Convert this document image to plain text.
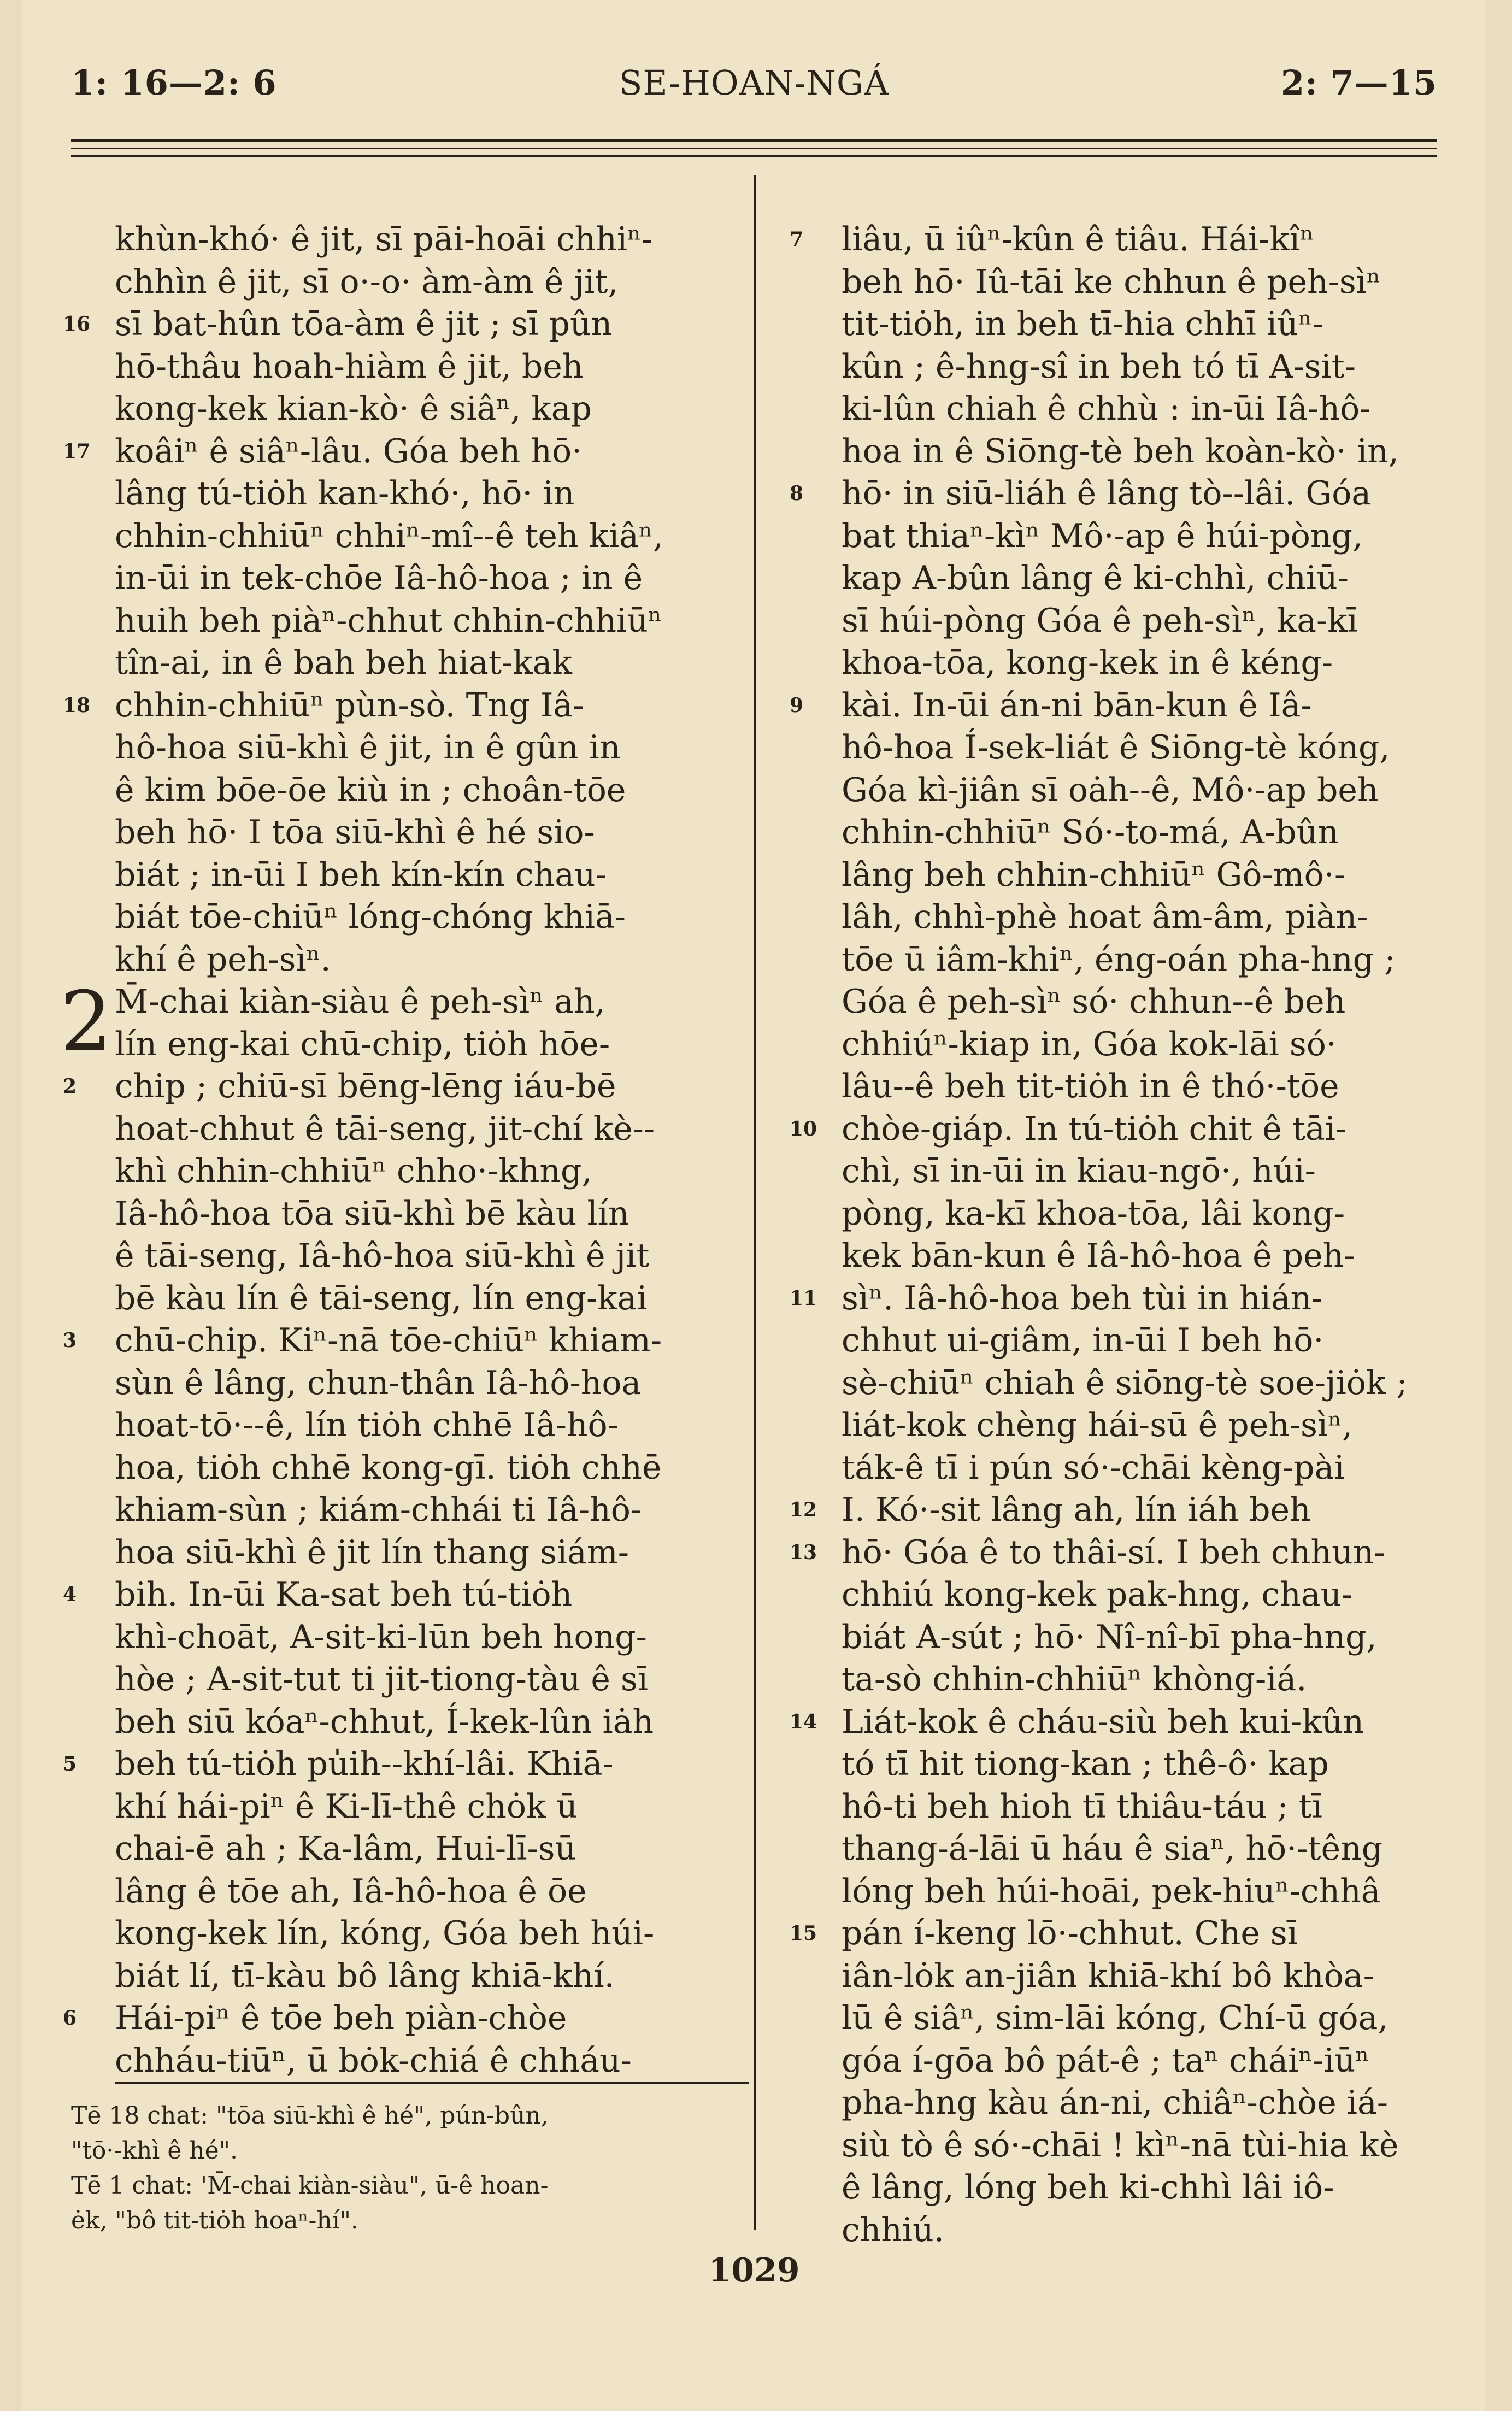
1: 16—2: 6	SE-HOAN-NGÁ	2: 7—15
khùn-khó· ê jit, sī pāi-hoāi chhiⁿ-
chhìn ê jit, sī o·-o· àm-àm ê jit,
16 sī bat-hûn tōa-àm ê jit ; sī pûn
hō-thâu hoah-hiàm ê jit, beh
kong-kek kian-kò· ê siâⁿ, kap
17 koâiⁿ ê siâⁿ-lâu. Góa beh hō·
lâng tú-tiȯh kan-khó·, hō· in
chhin-chhiūⁿ chhiⁿ-mî--ê teh kiâⁿ,
in-ūi in tek-chōe Iâ-hô-hoa ; in ê
huih beh piàⁿ-chhut chhin-chhiūⁿ
tîn-ai, in ê bah beh hiat-kak
18 chhin-chhiūⁿ pùn-sò. Tng Iâ-
hô-hoa siū-khì ê jit, in ê gûn in
ê kim bōe-ōe kiù in ; choân-tōe
beh hō· I tōa siū-khì ê hé sio-
biát ; in-ūi I beh kín-kín chau-
biát tōe-chiūⁿ lóng-chóng khiā-
khí ê peh-sìⁿ.
2 M̄-chai kiàn-siàu ê peh-sìⁿ ah,
lín eng-kai chū-chip, tiȯh hōe-
2 chip ; chiū-sī bēng-lēng iáu-bē
hoat-chhut ê tāi-seng, jit-chí kè--
khì chhin-chhiūⁿ chho·-khng,
Iâ-hô-hoa tōa siū-khì bē kàu lín
ê tāi-seng, Iâ-hô-hoa siū-khì ê jit
bē kàu lín ê tāi-seng, lín eng-kai
3 chū-chip. Kiⁿ-nā tōe-chiūⁿ khiam-
sùn ê lâng, chun-thân Iâ-hô-hoa
hoat-tō·--ê, lín tiȯh chhē Iâ-hô-
hoa, tiȯh chhē kong-gī. tiȯh chhē
khiam-sùn ; kiám-chhái ti Iâ-hô-
hoa siū-khì ê jit lín thang siám-
4 bih. In-ūi Ka-sat beh tú-tiȯh
khì-choāt, A-sit-ki-lūn beh hong-
hòe ; A-sit-tut ti jit-tiong-tàu ê sī
beh siū kóaⁿ-chhut, Í-kek-lûn iȧh
5 beh tú-tiȯh pu̍ih--khí-lâi. Khiā-
khí hái-piⁿ ê Ki-lī-thê chȯk ū
chai-ē ah ; Ka-lâm, Hui-lī-sū
lâng ê tōe ah, Iâ-hô-hoa ê ōe
kong-kek lín, kóng, Góa beh húi-
biát lí, tī-kàu bô lâng khiā-khí.
6 Hái-piⁿ ê tōe beh piàn-chòe
chháu-tiūⁿ, ū bȯk-chiá ê chháu-
7 liâu, ū iûⁿ-kûn ê tiâu. Hái-kîⁿ
beh hō· Iû-tāi ke chhun ê peh-sìⁿ
tit-tiȯh, in beh tī-hia chhī iûⁿ-
kûn ; ê-hng-sî in beh tó tī A-sit-
ki-lûn chiah ê chhù : in-ūi Iâ-hô-
hoa in ê Siōng-tè beh koàn-kò· in,
8 hō· in siū-liáh ê lâng tò--lâi. Góa
bat thiaⁿ-kìⁿ Mô·-ap ê húi-pòng,
kap A-bûn lâng ê ki-chhì, chiū-
sī húi-pòng Góa ê peh-sìⁿ, ka-kī
khoa-tōa, kong-kek in ê kéng-
9 kài. In-ūi án-ni bān-kun ê Iâ-
hô-hoa Í-sek-liát ê Siōng-tè kóng,
Góa kì-jiân sī oȧh--ê, Mô·-ap beh
chhin-chhiūⁿ Só·-to-má, A-bûn
lâng beh chhin-chhiūⁿ Gô-mô·-
lâh, chhì-phè hoat âm-âm, piàn-
tōe ū iâm-khiⁿ, éng-oán pha-hng ;
Góa ê peh-sìⁿ só· chhun--ê beh
chhiúⁿ-kiap in, Góa kok-lāi só·
lâu--ê beh tit-tiȯh in ê thó·-tōe
10 chòe-giáp. In tú-tiȯh chit ê tāi-
chì, sī in-ūi in kiau-ngō·, húi-
pòng, ka-kī khoa-tōa, lâi kong-
kek bān-kun ê Iâ-hô-hoa ê peh-
11 sìⁿ. Iâ-hô-hoa beh tùi in hián-
chhut ui-giâm, in-ūi I beh hō·
sè-chiūⁿ chiah ê siōng-tè soe-jiȯk ;
liát-kok chèng hái-sū ê peh-sìⁿ,
ták-ê tī i pún só·-chāi kèng-pài
12 I. Kó·-sit lâng ah, lín iáh beh
13 hō· Góa ê to thâi-sí. I beh chhun-
chhiú kong-kek pak-hng, chau-
biát A-sút ; hō· Nî-nî-bī pha-hng,
ta-sò chhin-chhiūⁿ khòng-iá.
14 Liát-kok ê cháu-siù beh kui-kûn
tó tī hit tiong-kan ; thê-ô· kap
hô-ti beh hioh tī thiâu-táu ; tī
thang-á-lāi ū háu ê siaⁿ, hō·-têng
lóng beh húi-hoāi, pek-hiuⁿ-chhâ
15 pán í-keng lō·-chhut. Che sī
iân-lȯk an-jiân khiā-khí bô khòa-
lū ê siâⁿ, sim-lāi kóng, Chí-ū góa,
góa í-gōa bô pát-ê ; taⁿ cháiⁿ-iūⁿ
pha-hng kàu án-ni, chiâⁿ-chòe iá-
siù tò ê só·-chāi ! kìⁿ-nā tùi-hia kè
ê lâng, lóng beh ki-chhì lâi iô-
chhiú.
Tē 18 chat: "tōa siū-khì ê hé", pún-bûn,
"tō·-khì ê hé".
Tē 1 chat: 'M̄-chai kiàn-siàu", ū-ê hoan-
ėk, "bô tit-tiȯh hoaⁿ-hí".
1029
